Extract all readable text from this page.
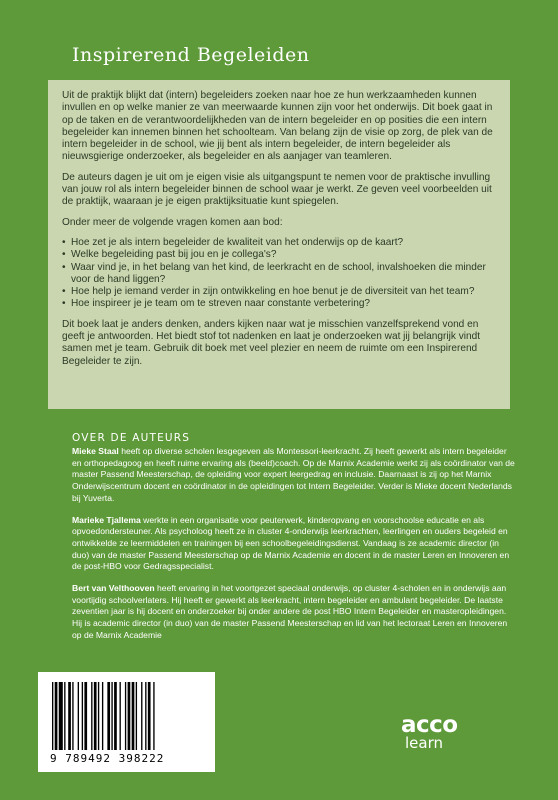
Inspirerend Begeleiden

Uit de praktijk blijkt dat (intern) begeleiders zoeken naar hoe ze hun werkzaamheden kunnen invullen en op welke manier ze van meerwaarde kunnen zijn voor het onderwijs. Dit boek gaat in op de taken en de verantwoordelijkheden van de intern begeleider en op posities die een intern begeleider kan innemen binnen het schoolteam. Van belang zijn de visie op zorg, de plek van de intern begeleider in de school, wie jij bent als intern begeleider, de intern begeleider als nieuwsgierige onderzoeker, als begeleider en als aanjager van teamleren.

De auteurs dagen je uit om je eigen visie als uitgangspunt te nemen voor de praktische invulling van jouw rol als intern begeleider binnen de school waar je werkt. Ze geven veel voorbeelden uit de praktijk, waaraan je je eigen praktijksituatie kunt spiegelen.

Onder meer de volgende vragen komen aan bod:

• Hoe zet je als intern begeleider de kwaliteit van het onderwijs op de kaart?
• Welke begeleiding past bij jou en je collega's?
• Waar vind je, in het belang van het kind, de leerkracht en de school, invalshoeken die minder voor de hand liggen?
• Hoe help je iemand verder in zijn ontwikkeling en hoe benut je de diversiteit van het team?
• Hoe inspireer je je team om te streven naar constante verbetering?

Dit boek laat je anders denken, anders kijken naar wat je misschien vanzelfsprekend vond en geeft je antwoorden. Het biedt stof tot nadenken en laat je onderzoeken wat jij belangrijk vindt samen met je team. Gebruik dit boek met veel plezier en neem de ruimte om een Inspirerend Begeleider te zijn.

OVER DE AUTEURS

Mieke Staal heeft op diverse scholen lesgegeven als Montessori-leerkracht. Zij heeft gewerkt als intern begeleider en orthopedagoog en heeft ruime ervaring als (beeld)coach. Op de Marnix Academie werkt zij als coördinator van de master Passend Meesterschap, de opleiding voor expert leergedrag en inclusie. Daarnaast is zij op het Marnix Onderwijscentrum docent en coördinator in de opleidingen tot Intern Begeleider. Verder is Mieke docent Nederlands bij Yuverta.

Marieke Tjallema werkte in een organisatie voor peuterwerk, kinderopvang en voorschoolse educatie en als opvoedondersteuner. Als psycholoog heeft ze in cluster 4-onderwijs leerkrachten, leerlingen en ouders begeleid en ontwikkelde ze leermiddelen en trainingen bij een schoolbegeleidingsdienst. Vandaag is ze academic director (in duo) van de master Passend Meesterschap op de Marnix Academie en docent in de master Leren en Innoveren en de post-HBO voor Gedragsspecialist.

Bert van Velthooven heeft ervaring in het voortgezet speciaal onderwijs, op cluster 4-scholen en in onderwijs aan voortijdig schoolverlaters. Hij heeft er gewerkt als leerkracht, intern begeleider en ambulant begeleider. De laatste zeventien jaar is hij docent en onderzoeker bij onder andere de post HBO Intern Begeleider en masteropleidingen. Hij is academic director (in duo) van de master Passend Meesterschap en lid van het lectoraat Leren en Innoveren op de Marnix Academie

9 789492 398222
acco
learn
